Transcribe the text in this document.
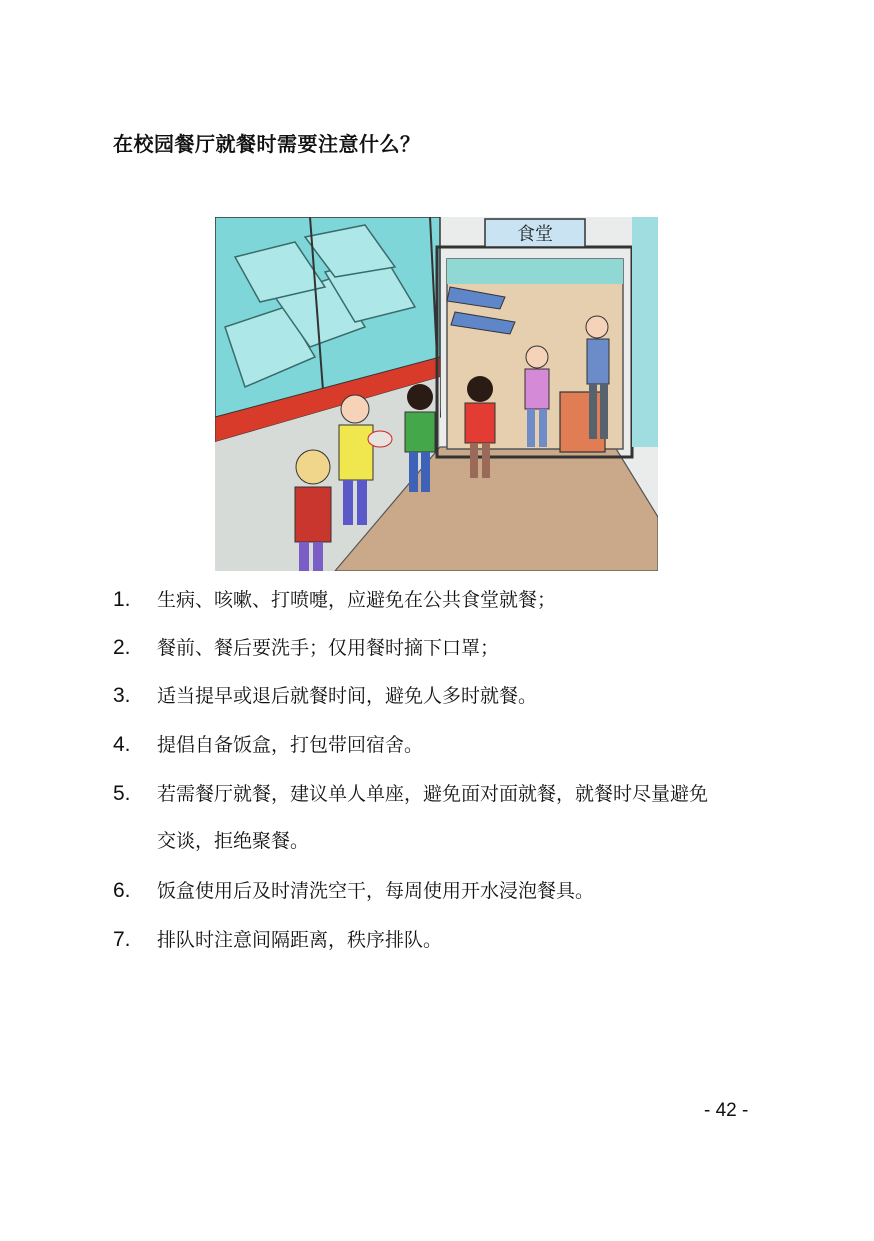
在校园餐厅就餐时需要注意什么？
食堂
1. 生病、咳嗽、打喷嚏，应避免在公共食堂就餐；
2. 餐前、餐后要洗手；仅用餐时摘下口罩；
3. 适当提早或退后就餐时间，避免人多时就餐。
4. 提倡自备饭盒，打包带回宿舍。
5. 若需餐厅就餐，建议单人单座，避免面对面就餐，就餐时尽量避免
交谈，拒绝聚餐。
6. 饭盒使用后及时清洗空干，每周使用开水浸泡餐具。
7. 排队时注意间隔距离，秩序排队。
- 42 -
